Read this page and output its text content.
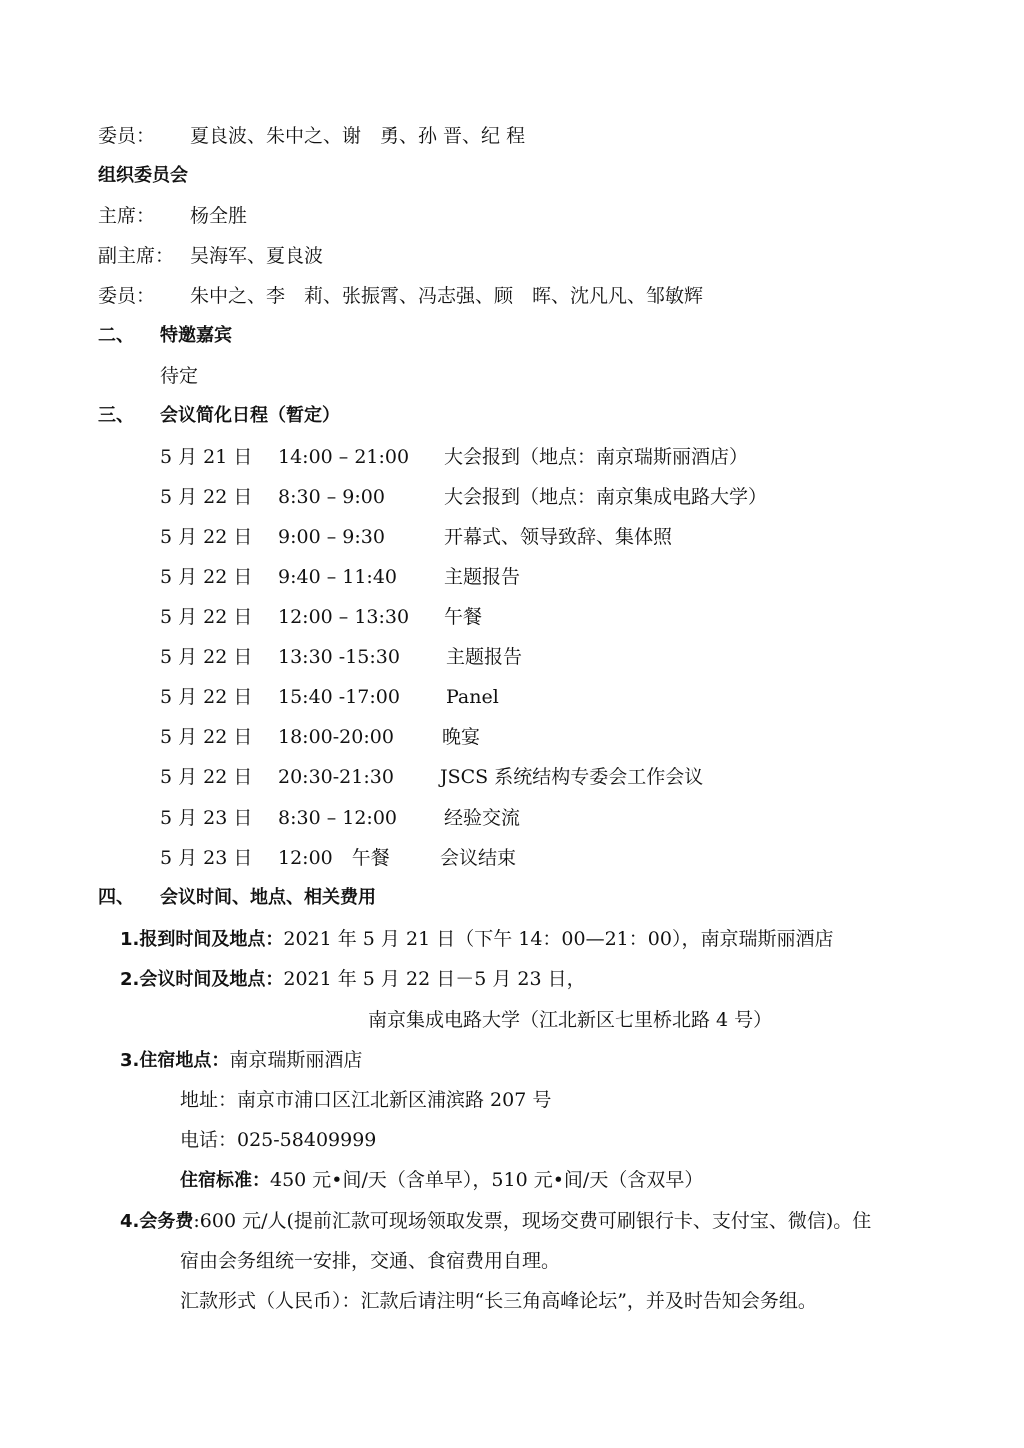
委员： 夏良波、朱中之、谢　勇、孙 晋、纪 程
组织委员会
主席： 杨全胜
副主席： 吴海军、夏良波
委员： 朱中之、李　莉、张振霄、冯志强、顾　晖、沈凡凡、邹敏辉
二、 特邀嘉宾
待定
三、 会议简化日程（暂定）
5 月 21 日 14:00 – 21:00 大会报到（地点：南京瑞斯丽酒店）
5 月 22 日 8:30 – 9:00	大会报到（地点：南京集成电路大学）
5 月 22 日 9:00 – 9:30	开幕式、领导致辞、集体照
5 月 22 日 9:40 – 11:40 主题报告
5 月 22 日 12:00 – 13:30 午餐
5 月 22 日 13:30 -15:30 主题报告
5 月 22 日 15:40 -17:00 Panel
5 月 22 日 18:00-20:00	晚宴
5 月 22 日 20:30-21:30 JSCS 系统结构专委会工作会议
5 月 23 日 8:30 – 12:00 经验交流
5 月 23 日 12:00　午餐	会议结束
四、 会议时间、地点、相关费用
1.报到时间及地点：2021 年 5 月 21 日（下午 14：00—21：00），南京瑞斯丽酒店
2.会议时间及地点：2021 年 5 月 22 日－5 月 23 日，
南京集成电路大学（江北新区七里桥北路 4 号）
3.住宿地点：南京瑞斯丽酒店
地址：南京市浦口区江北新区浦滨路 207 号
电话：025-58409999
住宿标准：450 元•间/天（含单早），510 元•间/天（含双早）
4.会务费:600 元/人(提前汇款可现场领取发票，现场交费可刷银行卡、支付宝、微信)。住
宿由会务组统一安排，交通、食宿费用自理。
汇款形式（人民币）：汇款后请注明“长三角高峰论坛”，并及时告知会务组。
